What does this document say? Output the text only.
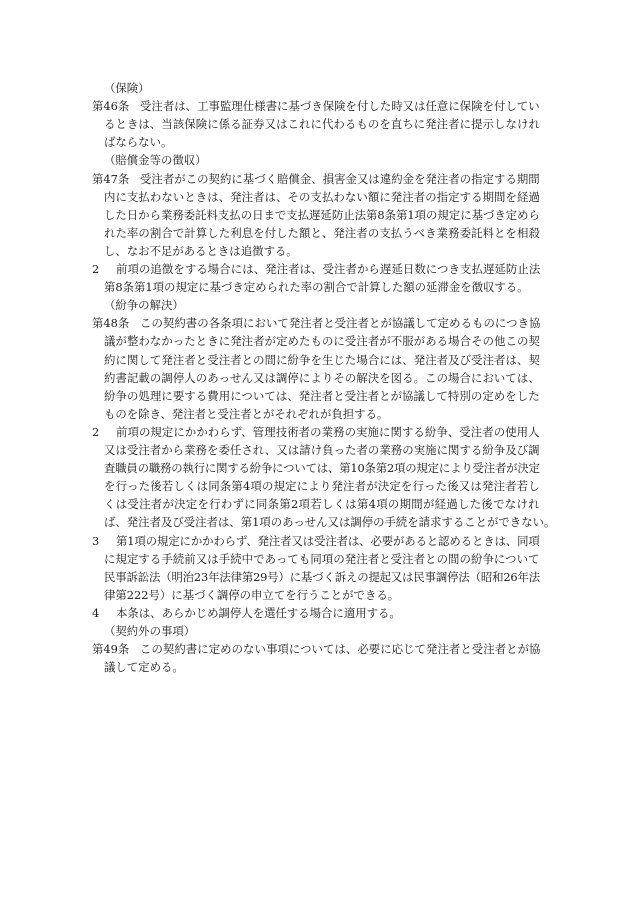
（保険）
第46条 受注者は、工事監理仕様書に基づき保険を付した時又は任意に保険を付してい
るときは、当該保険に係る証券又はこれに代わるものを直ちに発注者に提示しなけれ
ばならない。
（賠償金等の徴収）
第47条 受注者がこの契約に基づく賠償金、損害金又は違約金を発注者の指定する期間
内に支払わないときは、発注者は、その支払わない額に発注者の指定する期間を経過
した日から業務委託料支払の日まで支払遅延防止法第8条第1項の規定に基づき定めら
れた率の割合で計算した利息を付した額と、発注者の支払うべき業務委託料とを相殺
し、なお不足があるときは追徴する。
2 前項の追徴をする場合には、発注者は、受注者から遅延日数につき支払遅延防止法
第8条第1項の規定に基づき定められた率の割合で計算した額の延滞金を徴収する。
（紛争の解決）
第48条 この契約書の各条項において発注者と受注者とが協議して定めるものにつき協
議が整わなかったときに発注者が定めたものに受注者が不服がある場合その他この契
約に関して発注者と受注者との間に紛争を生じた場合には、発注者及び受注者は、契
約書記載の調停人のあっせん又は調停によりその解決を図る。この場合においては、
紛争の処理に要する費用については、発注者と受注者とが協議して特別の定めをした
ものを除き、発注者と受注者とがそれぞれが負担する。
2 前項の規定にかかわらず、管理技術者の業務の実施に関する紛争、受注者の使用人
又は受注者から業務を委任され、又は請け負った者の業務の実施に関する紛争及び調
査職員の職務の執行に関する紛争については、第10条第2項の規定により受注者が決定
を行った後若しくは同条第4項の規定により発注者が決定を行った後又は発注者若し
くは受注者が決定を行わずに同条第2項若しくは第4項の期間が経過した後でなけれ
ば、発注者及び受注者は、第1項のあっせん又は調停の手続を請求することができない。
3 第1項の規定にかかわらず、発注者又は受注者は、必要があると認めるときは、同項
に規定する手続前又は手続中であっても同項の発注者と受注者との間の紛争について
民事訴訟法（明治23年法律第29号）に基づく訴えの提起又は民事調停法（昭和26年法
律第222号）に基づく調停の申立てを行うことができる。
4 本条は、あらかじめ調停人を選任する場合に適用する。
（契約外の事項）
第49条 この契約書に定めのない事項については、必要に応じて発注者と受注者とが協
議して定める。
